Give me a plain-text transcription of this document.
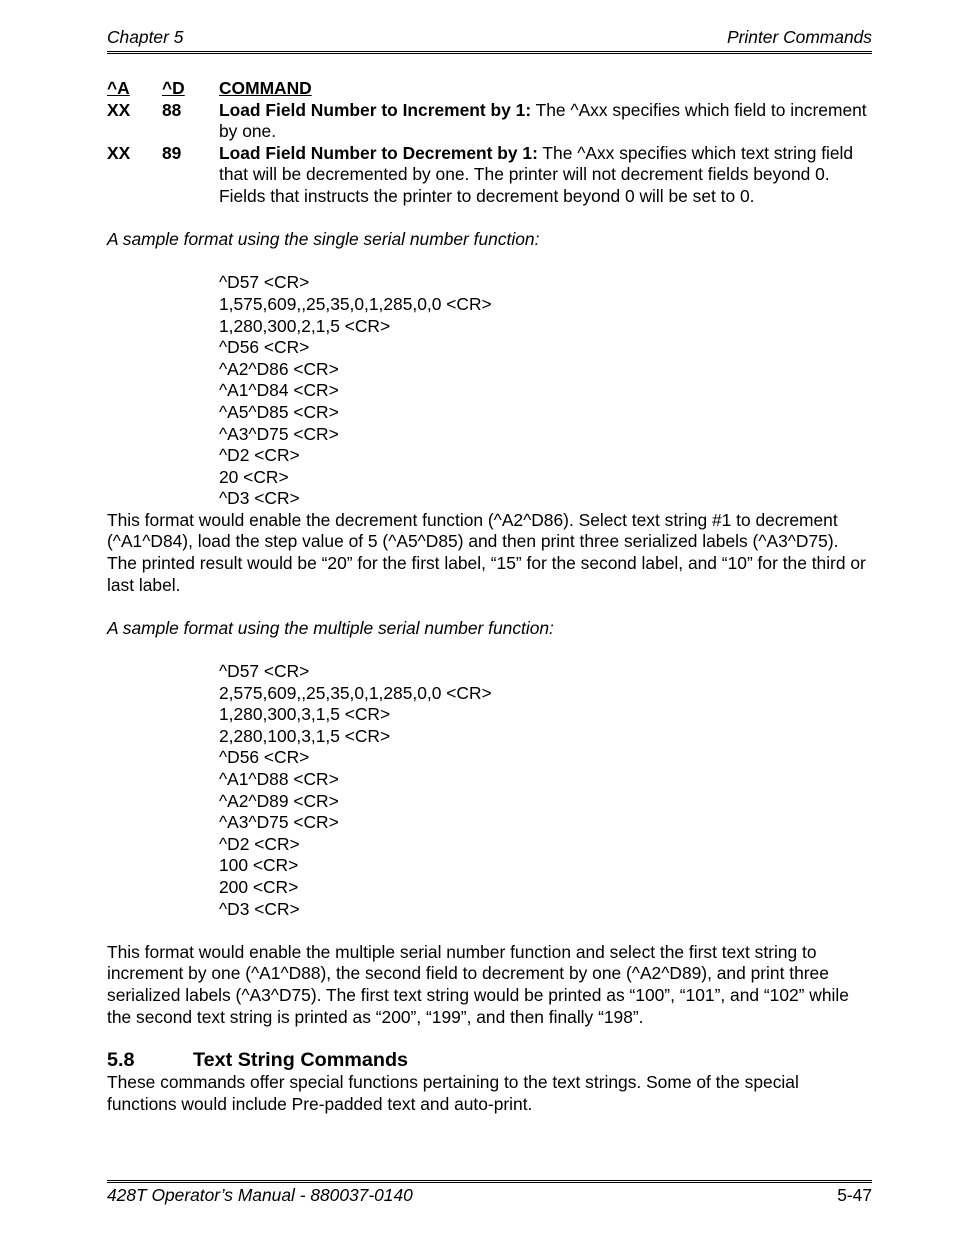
Chapter 5	Printer Commands
^A	^D	COMMAND
XX	88	Load Field Number to Increment by 1: The ^Axx specifies which field to increment by one.
XX	89	Load Field Number to Decrement by 1: The ^Axx specifies which text string field that will be decremented by one. The printer will not decrement fields beyond 0. Fields that instructs the printer to decrement beyond 0 will be set to 0.

A sample format using the single serial number function:

^D57 <CR>
1,575,609,,25,35,0,1,285,0,0 <CR>
1,280,300,2,1,5 <CR>
^D56 <CR>
^A2^D86 <CR>
^A1^D84 <CR>
^A5^D85 <CR>
^A3^D75 <CR>
^D2 <CR>
20 <CR>
^D3 <CR>

This format would enable the decrement function (^A2^D86). Select text string #1 to decrement (^A1^D84), load the step value of 5 (^A5^D85) and then print three serialized labels (^A3^D75). The printed result would be “20” for the first label, “15” for the second label, and “10” for the third or last label.

A sample format using the multiple serial number function:

^D57 <CR>
2,575,609,,25,35,0,1,285,0,0 <CR>
1,280,300,3,1,5 <CR>
2,280,100,3,1,5 <CR>
^D56 <CR>
^A1^D88 <CR>
^A2^D89 <CR>
^A3^D75 <CR>
^D2 <CR>
100 <CR>
200 <CR>
^D3 <CR>

This format would enable the multiple serial number function and select the first text string to increment by one (^A1^D88), the second field to decrement by one (^A2^D89), and print three serialized labels (^A3^D75). The first text string would be printed as “100”, “101”, and “102” while the second text string is printed as “200”, “199”, and then finally “198”.

5.8	Text String Commands

These commands offer special functions pertaining to the text strings. Some of the special functions would include Pre-padded text and auto-print.

428T Operator’s Manual - 880037-0140	5-47
